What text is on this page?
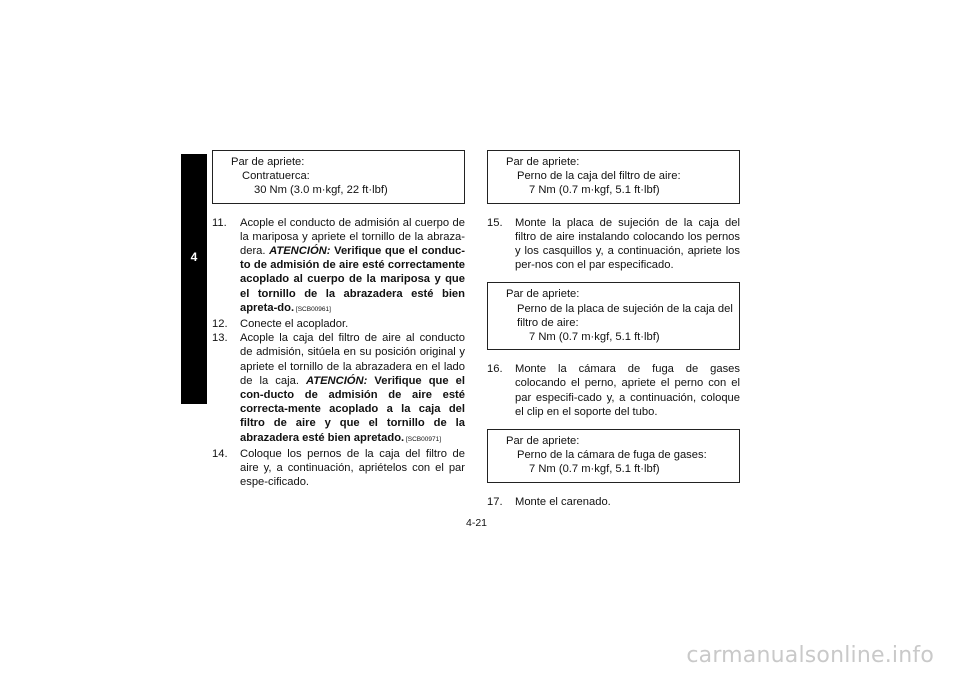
4
Par de apriete:
Contratuerca:
30 Nm (3.0 m·kgf, 22 ft·lbf)
11.	Acople el conducto de admisión al cuerpo de la mariposa y apriete el tornillo de la abraza-dera. ATENCIÓN: Verifique que el conduc-to de admisión de aire esté correctamente acoplado al cuerpo de la mariposa y que el tornillo de la abrazadera esté bien apreta-do. [SCB00961]
12.	Conecte el acoplador.
13.	Acople la caja del filtro de aire al conducto de admisión, sitúela en su posición original y apriete el tornillo de la abrazadera en el lado de la caja. ATENCIÓN: Verifique que el con-ducto de admisión de aire esté correcta-mente acoplado a la caja del filtro de aire y que el tornillo de la abrazadera esté bien apretado. [SCB00971]
14.	Coloque los pernos de la caja del filtro de aire y, a continuación, apriételos con el par espe-cificado.
Par de apriete:
Perno de la caja del filtro de aire:
7 Nm (0.7 m·kgf, 5.1 ft·lbf)
15.	Monte la placa de sujeción de la caja del filtro de aire instalando colocando los pernos y los casquillos y, a continuación, apriete los per-nos con el par especificado.
Par de apriete:
Perno de la placa de sujeción de la caja del filtro de aire:
7 Nm (0.7 m·kgf, 5.1 ft·lbf)
16.	Monte la cámara de fuga de gases colocando el perno, apriete el perno con el par especifi-cado y, a continuación, coloque el clip en el soporte del tubo.
Par de apriete:
Perno de la cámara de fuga de gases:
7 Nm (0.7 m·kgf, 5.1 ft·lbf)
17.	Monte el carenado.
4-21
carmanualsonline.info
